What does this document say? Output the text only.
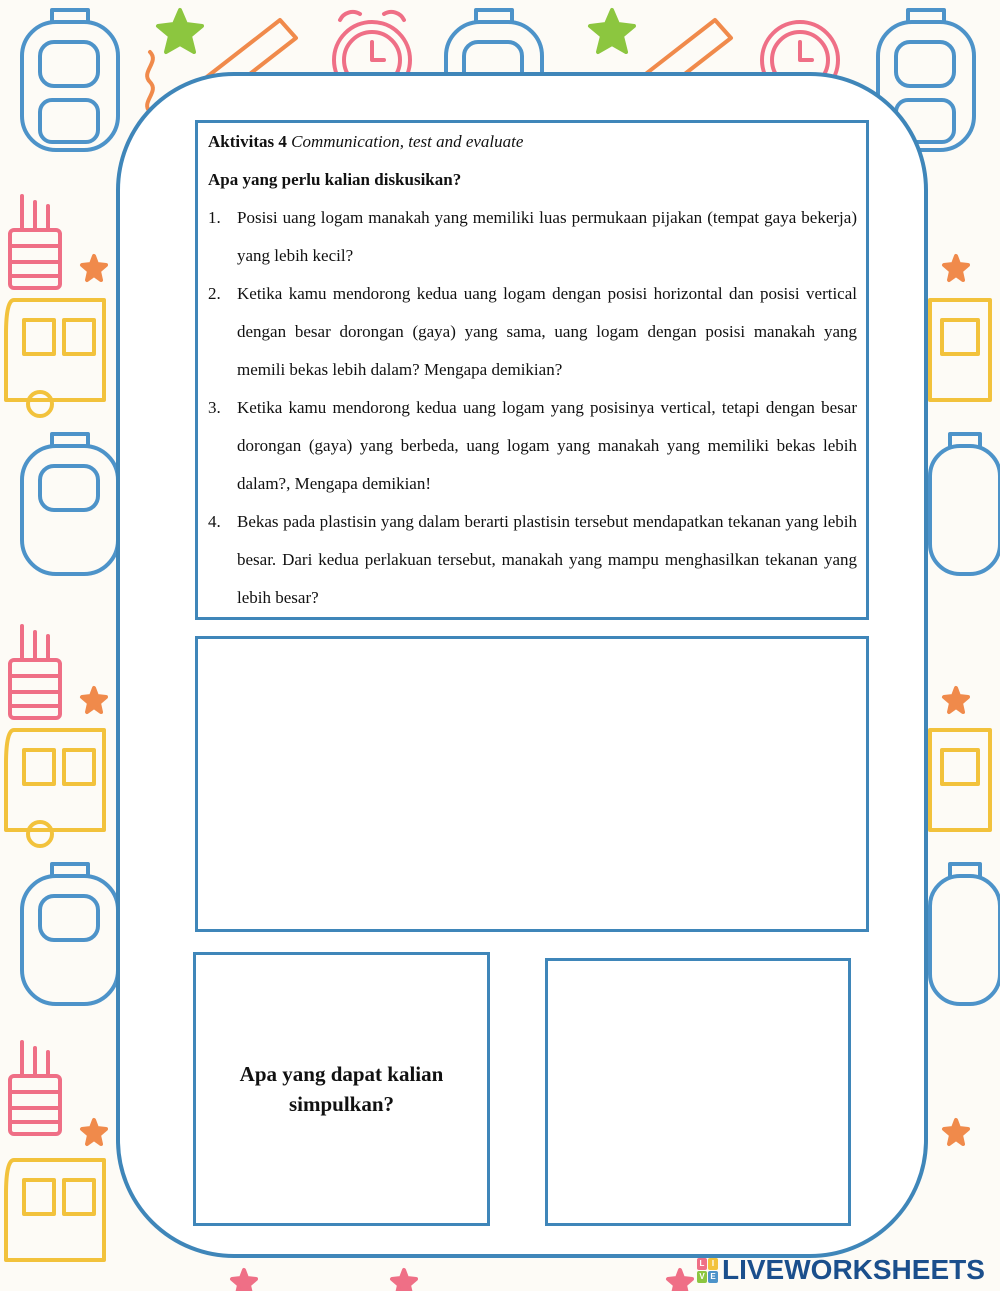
Aktivitas 4 Communication, test and evaluate
Apa yang perlu kalian diskusikan?
1. Posisi uang logam manakah yang memiliki luas permukaan pijakan (tempat gaya bekerja) yang lebih kecil?
2. Ketika kamu mendorong kedua uang logam dengan posisi horizontal dan posisi vertical dengan besar dorongan (gaya) yang sama, uang logam dengan posisi manakah yang memili bekas lebih dalam? Mengapa demikian?
3. Ketika kamu mendorong kedua uang logam yang posisinya vertical, tetapi dengan besar dorongan (gaya) yang berbeda, uang logam yang manakah yang memiliki bekas lebih dalam?, Mengapa demikian!
4. Bekas pada plastisin yang dalam berarti plastisin tersebut mendapatkan tekanan yang lebih besar. Dari kedua perlakuan tersebut, manakah yang mampu menghasilkan tekanan yang lebih besar?
Apa yang dapat kalian simpulkan?
L I
V E LIVEWORKSHEETS
